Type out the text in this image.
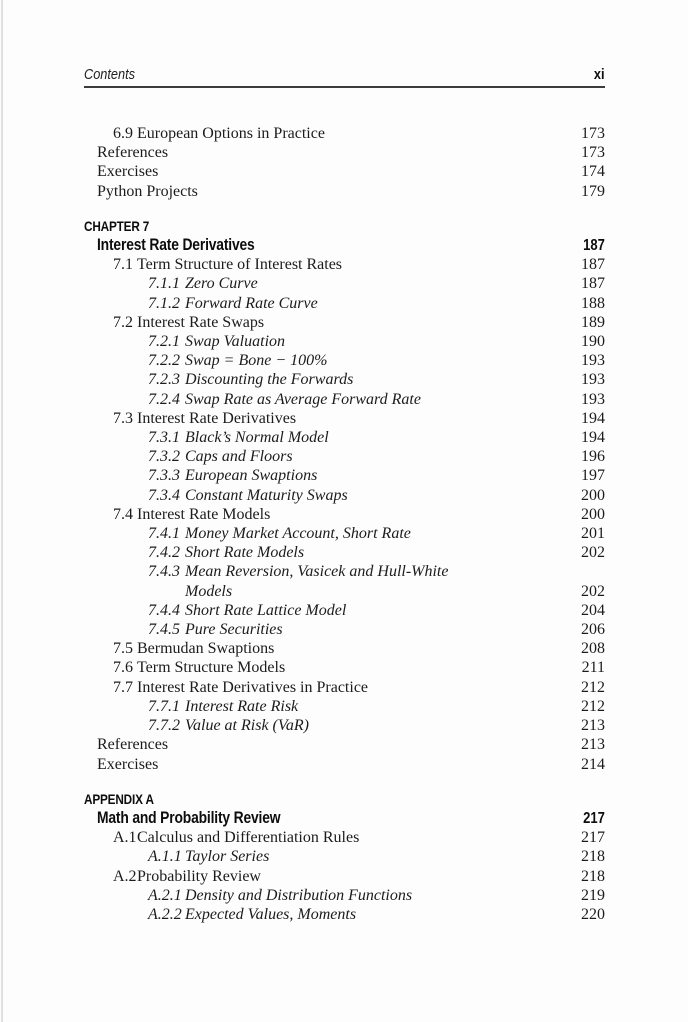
Contents	xi
6.9 European Options in Practice	173
References	173
Exercises	174
Python Projects	179
CHAPTER 7
Interest Rate Derivatives	187
7.1 Term Structure of Interest Rates	187
7.1.1 Zero Curve	187
7.1.2 Forward Rate Curve	188
7.2 Interest Rate Swaps	189
7.2.1 Swap Valuation	190
7.2.2 Swap = Bone − 100%	193
7.2.3 Discounting the Forwards	193
7.2.4 Swap Rate as Average Forward Rate	193
7.3 Interest Rate Derivatives	194
7.3.1 Black’s Normal Model	194
7.3.2 Caps and Floors	196
7.3.3 European Swaptions	197
7.3.4 Constant Maturity Swaps	200
7.4 Interest Rate Models	200
7.4.1 Money Market Account, Short Rate	201
7.4.2 Short Rate Models	202
7.4.3 Mean Reversion, Vasicek and Hull-White
Models	202
7.4.4 Short Rate Lattice Model	204
7.4.5 Pure Securities	206
7.5 Bermudan Swaptions	208
7.6 Term Structure Models	211
7.7 Interest Rate Derivatives in Practice	212
7.7.1 Interest Rate Risk	212
7.7.2 Value at Risk (VaR)	213
References	213
Exercises	214
APPENDIX A
Math and Probability Review	217
A.1 Calculus and Differentiation Rules	217
A.1.1 Taylor Series	218
A.2 Probability Review	218
A.2.1 Density and Distribution Functions	219
A.2.2 Expected Values, Moments	220
